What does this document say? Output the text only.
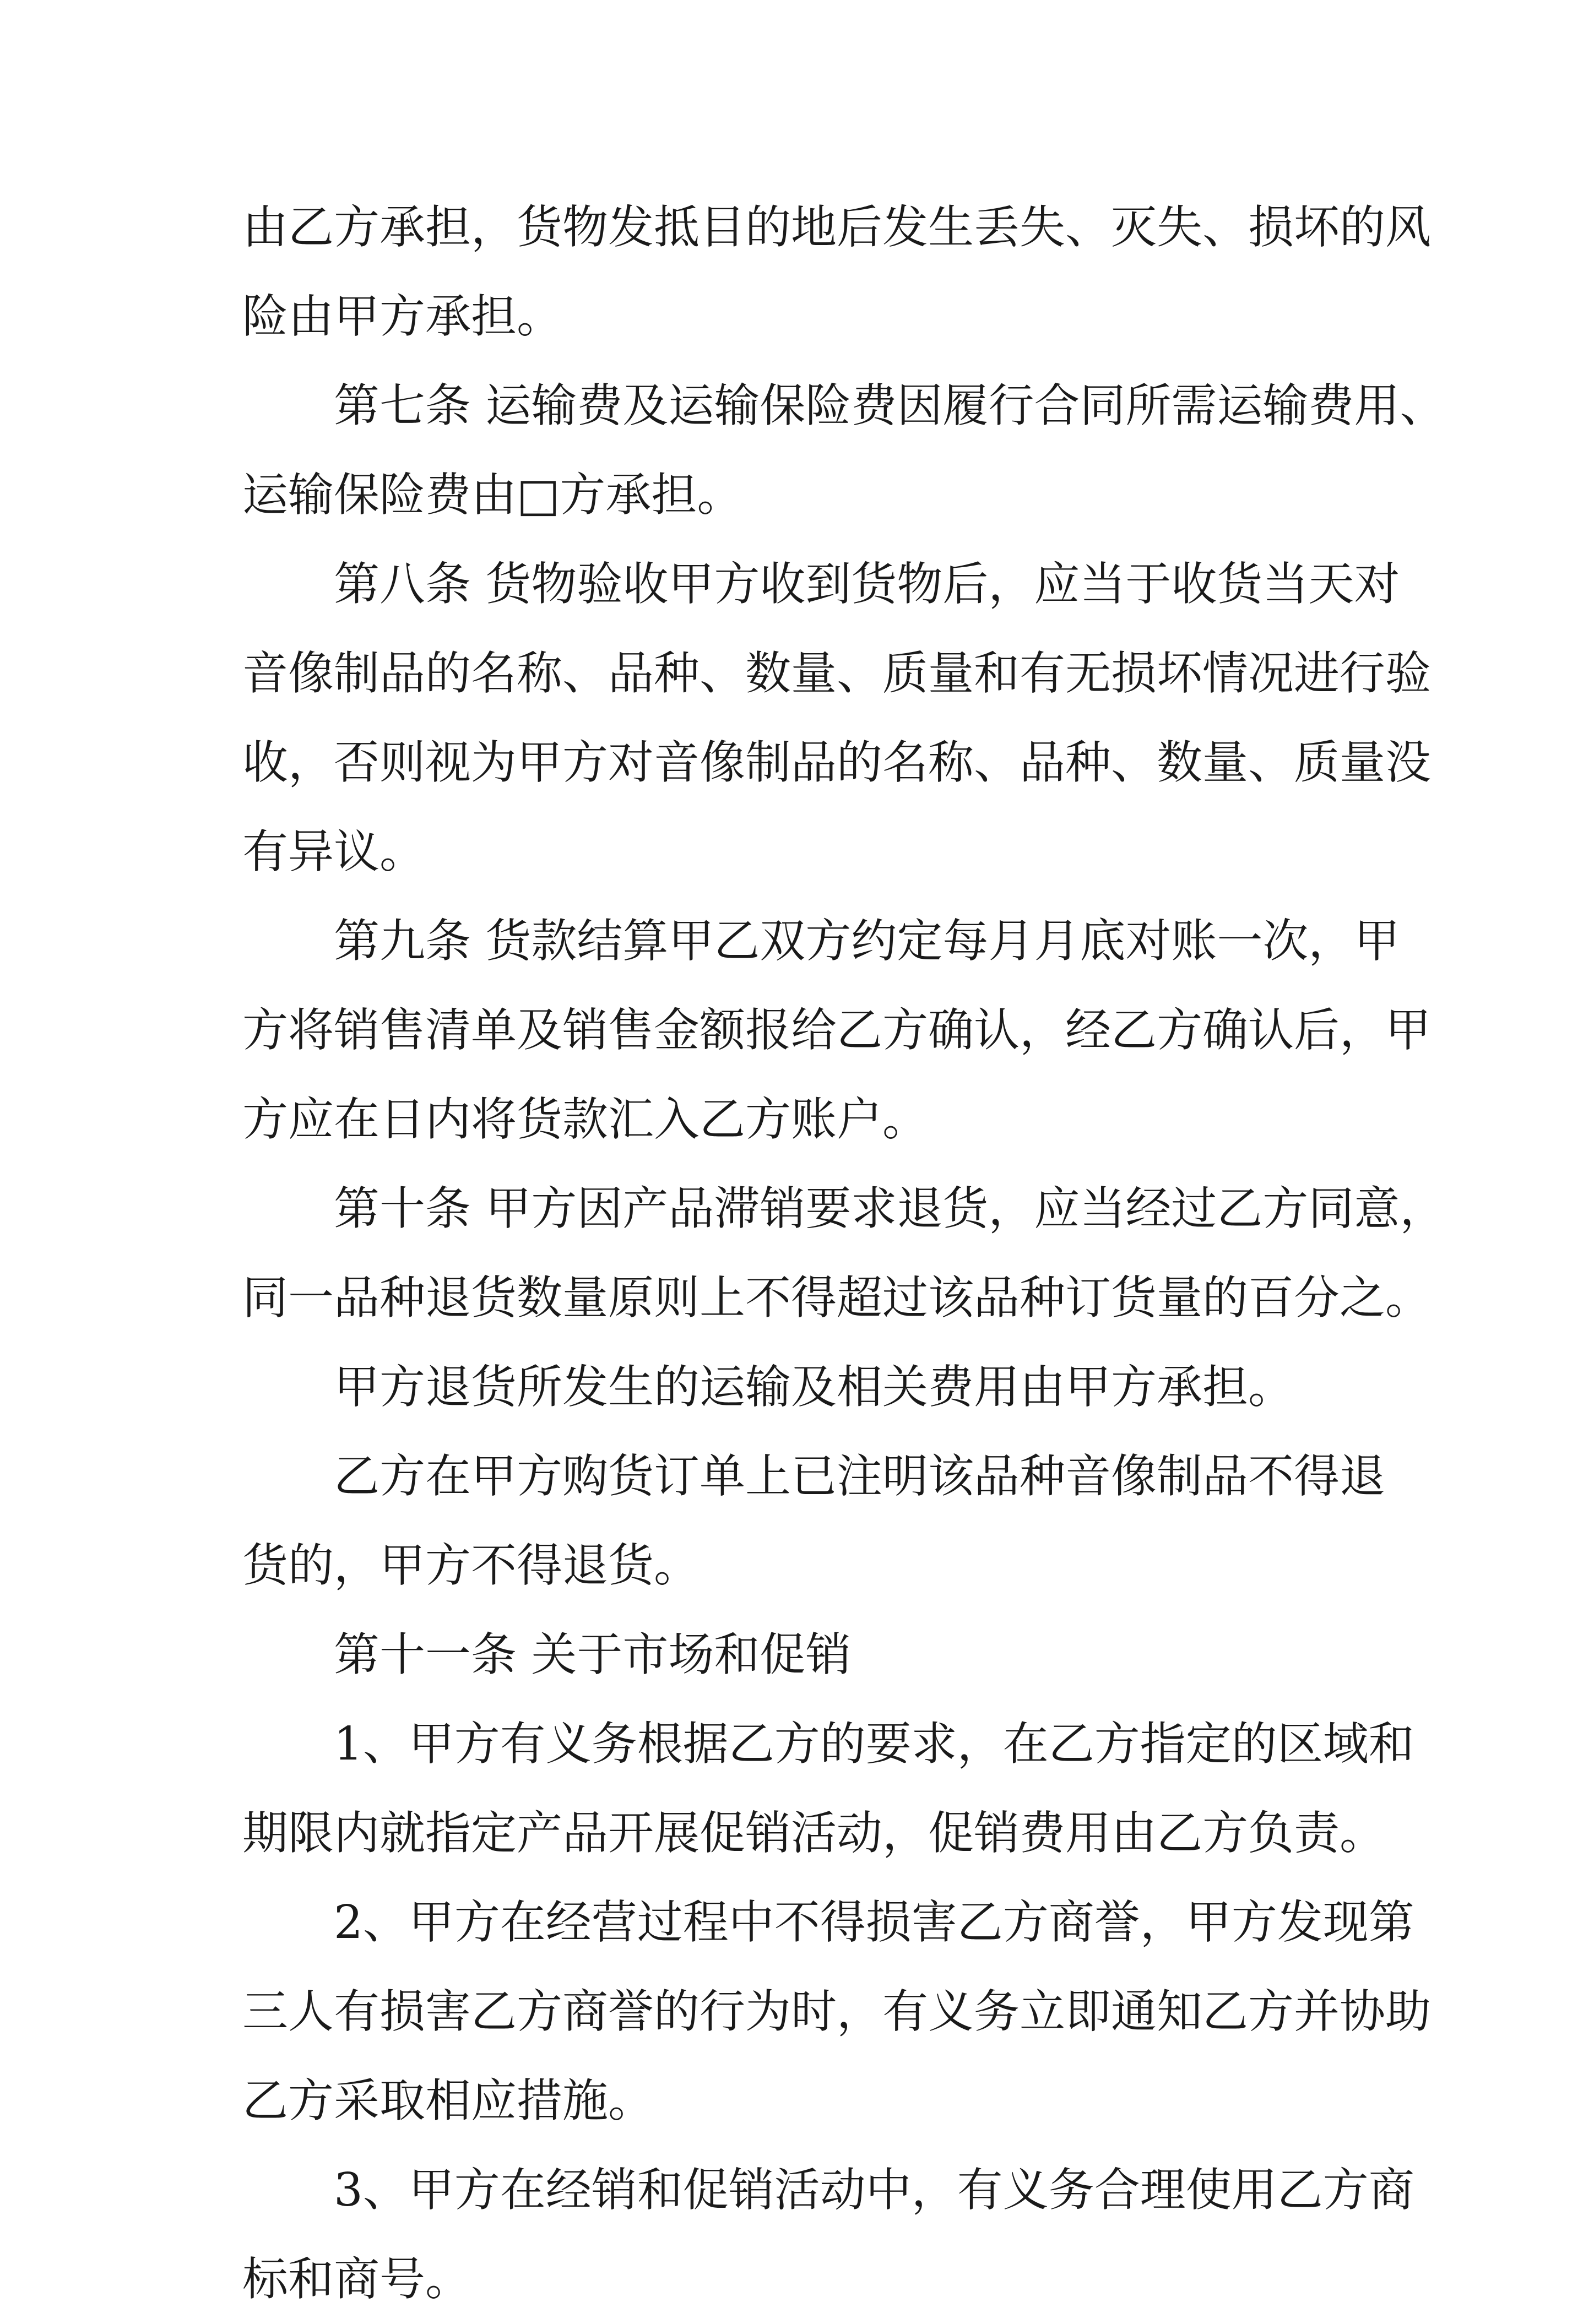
由乙方承担，货物发抵目的地后发生丢失、灭失、损坏的风
险由甲方承担。
第七条 运输费及运输保险费因履行合同所需运输费用、
运输保险费由□方承担。
第八条 货物验收甲方收到货物后，应当于收货当天对
音像制品的名称、品种、数量、质量和有无损坏情况进行验
收，否则视为甲方对音像制品的名称、品种、数量、质量没
有异议。
第九条 货款结算甲乙双方约定每月月底对账一次，甲
方将销售清单及销售金额报给乙方确认，经乙方确认后，甲
方应在日内将货款汇入乙方账户。
第十条 甲方因产品滞销要求退货，应当经过乙方同意，
同一品种退货数量原则上不得超过该品种订货量的百分之。
甲方退货所发生的运输及相关费用由甲方承担。
乙方在甲方购货订单上已注明该品种音像制品不得退
货的，甲方不得退货。
第十一条 关于市场和促销
1、甲方有义务根据乙方的要求，在乙方指定的区域和
期限内就指定产品开展促销活动，促销费用由乙方负责。
2、甲方在经营过程中不得损害乙方商誉，甲方发现第
三人有损害乙方商誉的行为时，有义务立即通知乙方并协助
乙方采取相应措施。
3、甲方在经销和促销活动中，有义务合理使用乙方商
标和商号。
